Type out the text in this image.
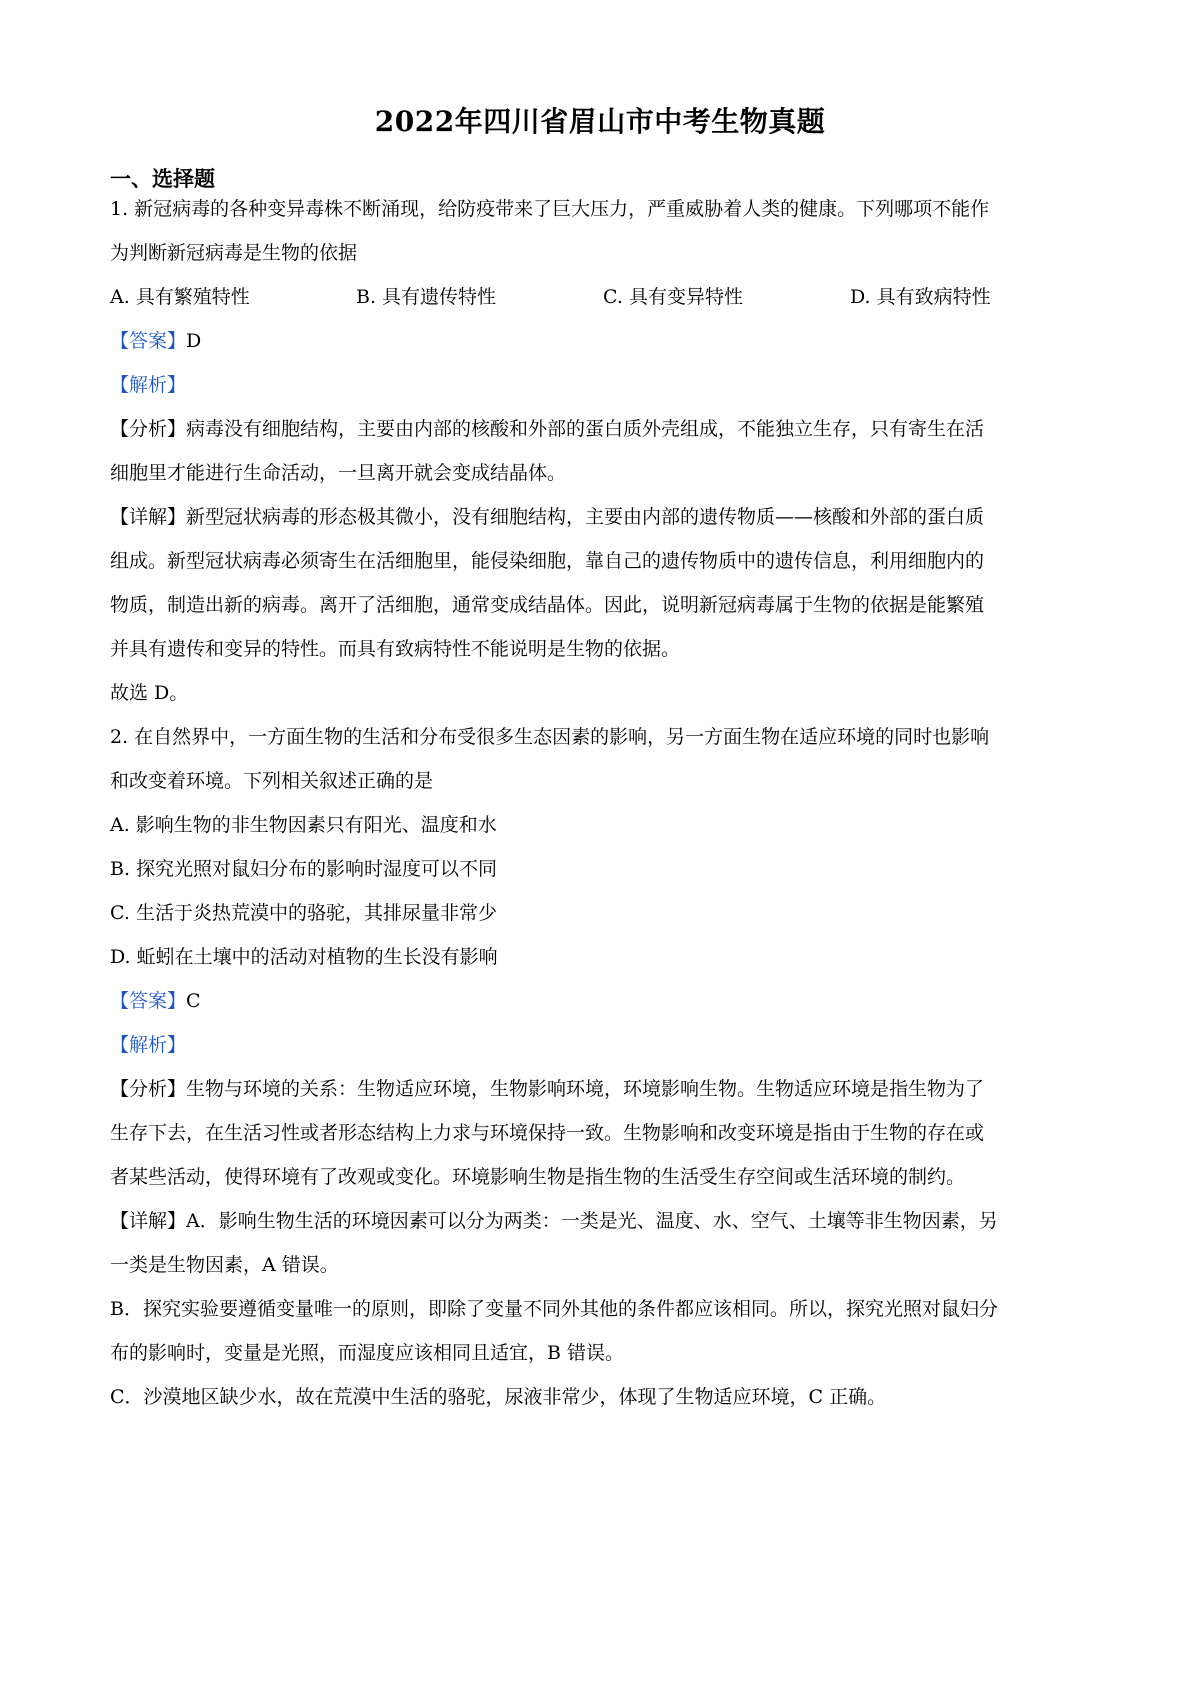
2022年四川省眉山市中考生物真题
一、选择题
1. 新冠病毒的各种变异毒株不断涌现，给防疫带来了巨大压力，严重威胁着人类的健康。下列哪项不能作
为判断新冠病毒是生物的依据
A. 具有繁殖特性	B. 具有遗传特性	C. 具有变异特性	D. 具有致病特性
【答案】D
【解析】
【分析】病毒没有细胞结构，主要由内部的核酸和外部的蛋白质外壳组成，不能独立生存，只有寄生在活
细胞里才能进行生命活动，一旦离开就会变成结晶体。
【详解】新型冠状病毒的形态极其微小，没有细胞结构，主要由内部的遗传物质——核酸和外部的蛋白质
组成。新型冠状病毒必须寄生在活细胞里，能侵染细胞，靠自己的遗传物质中的遗传信息，利用细胞内的
物质，制造出新的病毒。离开了活细胞，通常变成结晶体。因此，说明新冠病毒属于生物的依据是能繁殖
并具有遗传和变异的特性。而具有致病特性不能说明是生物的依据。
故选 D。
2. 在自然界中，一方面生物的生活和分布受很多生态因素的影响，另一方面生物在适应环境的同时也影响
和改变着环境。下列相关叙述正确的是
A. 影响生物的非生物因素只有阳光、温度和水
B. 探究光照对鼠妇分布的影响时湿度可以不同
C. 生活于炎热荒漠中的骆驼，其排尿量非常少
D. 蚯蚓在土壤中的活动对植物的生长没有影响
【答案】C
【解析】
【分析】生物与环境的关系：生物适应环境，生物影响环境，环境影响生物。生物适应环境是指生物为了
生存下去，在生活习性或者形态结构上力求与环境保持一致。生物影响和改变环境是指由于生物的存在或
者某些活动，使得环境有了改观或变化。环境影响生物是指生物的生活受生存空间或生活环境的制约。
【详解】A．影响生物生活的环境因素可以分为两类：一类是光、温度、水、空气、土壤等非生物因素，另
一类是生物因素，A 错误。
B．探究实验要遵循变量唯一的原则，即除了变量不同外其他的条件都应该相同。所以，探究光照对鼠妇分
布的影响时，变量是光照，而湿度应该相同且适宜，B 错误。
C．沙漠地区缺少水，故在荒漠中生活的骆驼，尿液非常少，体现了生物适应环境，C 正确。
